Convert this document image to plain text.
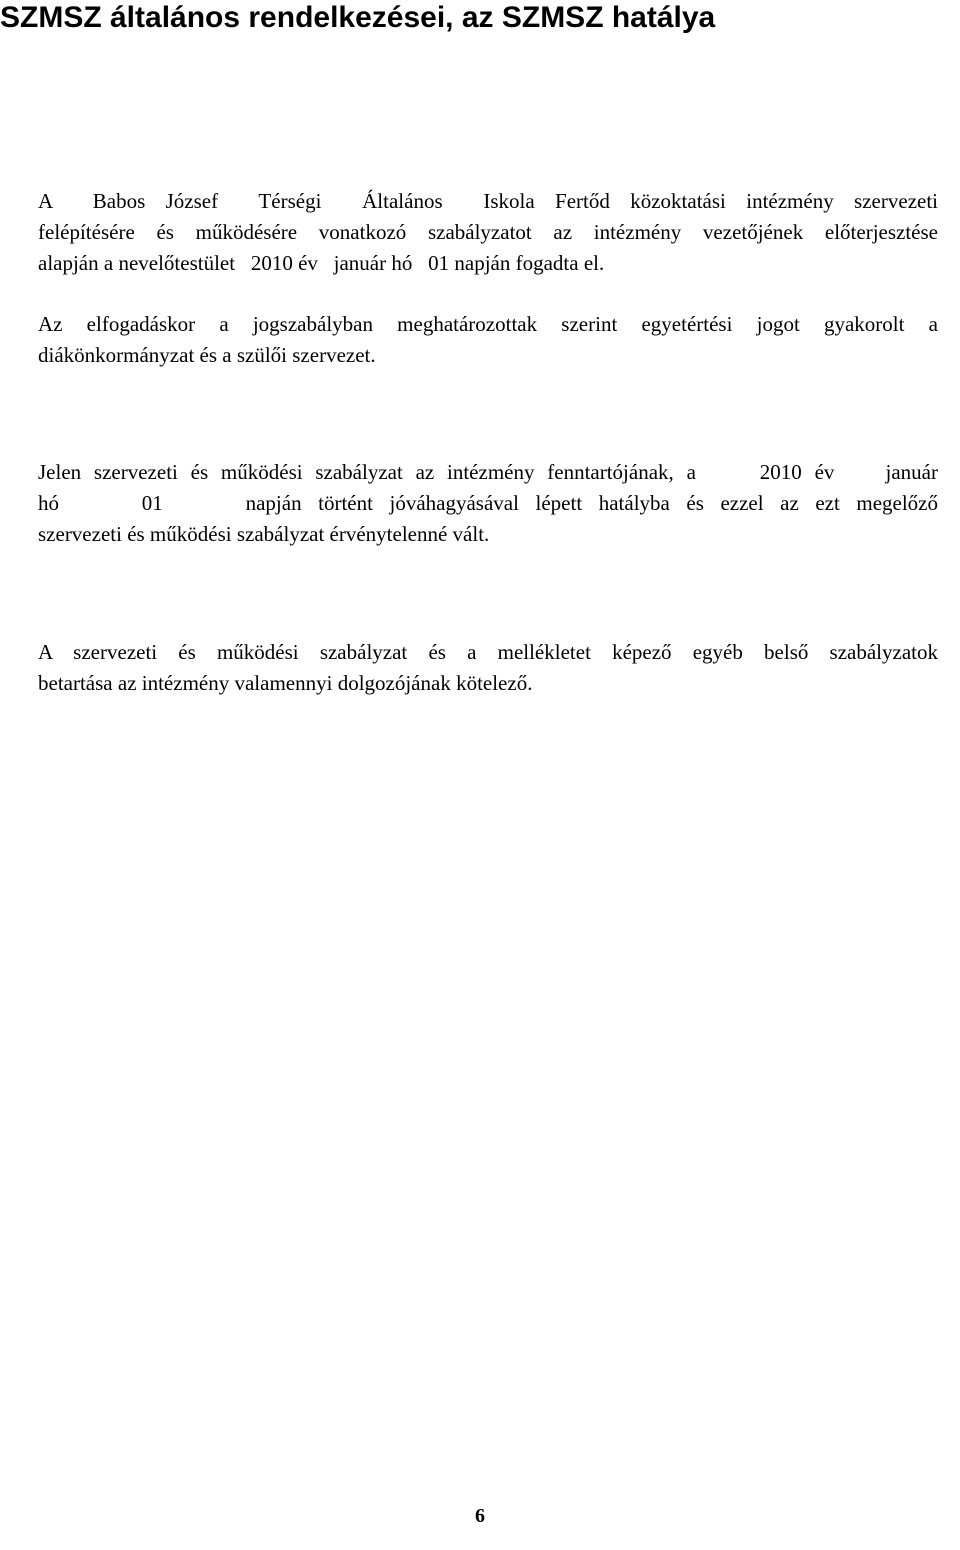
SZMSZ általános rendelkezései, az SZMSZ hatálya

A  Babos József  Térségi  Általános  Iskola Fertőd közoktatási intézmény szervezeti
felépítésére és működésére vonatkozó szabályzatot az intézmény vezetőjének előterjesztése
alapján a nevelőtestület   2010 év   január hó   01 napján fogadta el.

Az elfogadáskor a jogszabályban meghatározottak szerint egyetértési jogot gyakorolt a
diákönkormányzat és a szülői szervezet.

Jelen szervezeti és működési szabályzat az intézmény fenntartójának, a     2010 év    január
hó     01     napján történt jóváhagyásával lépett hatályba és ezzel az ezt megelőző
szervezeti és működési szabályzat érvénytelenné vált.

A szervezeti és működési szabályzat és a mellékletet képező egyéb belső szabályzatok
betartása az intézmény valamennyi dolgozójának kötelező.

6
